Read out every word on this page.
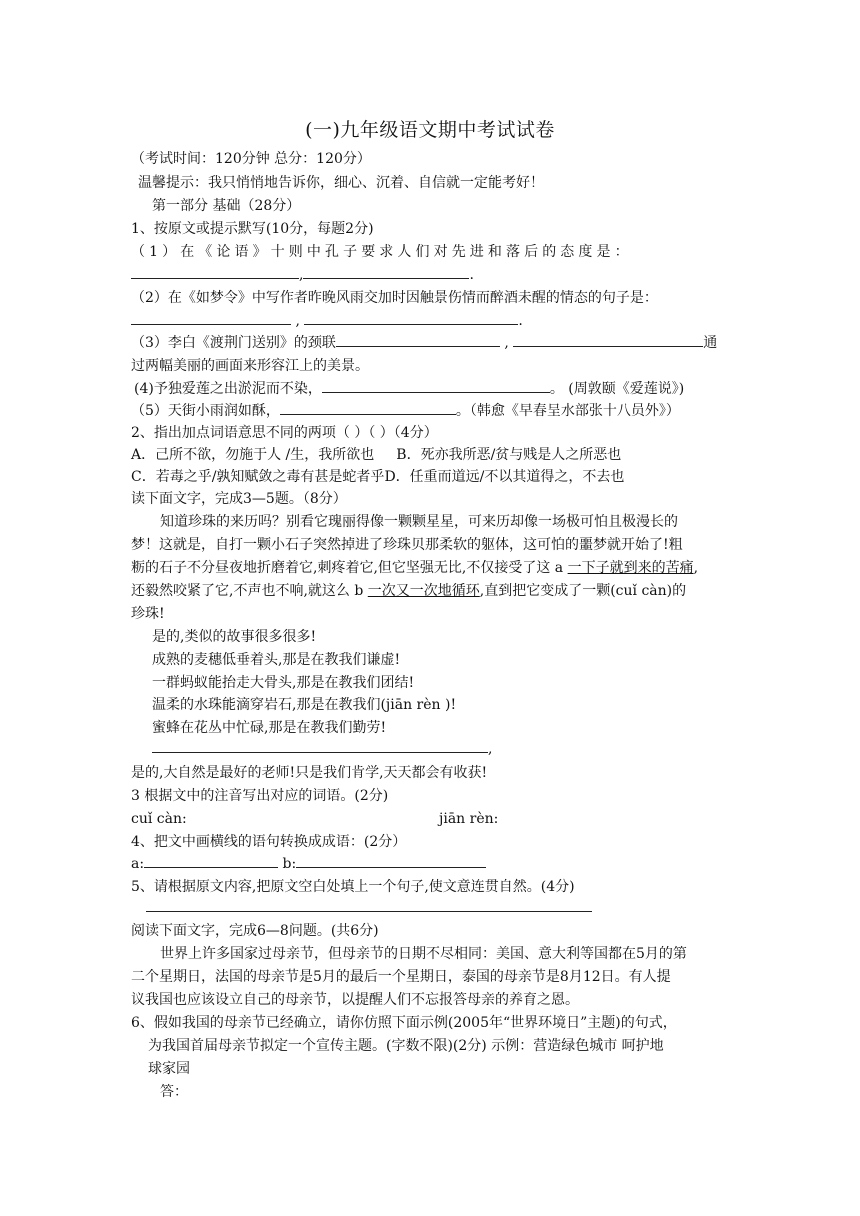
(一)九年级语文期中考试试卷
（考试时间：120分钟 总分：120分）
温馨提示：我只悄悄地告诉你，细心、沉着、自信就一定能考好！
第一部分 基础（28分）
1、按原文或提示默写(10分，每题2分)
（1）在《论语》十则中孔子要求人们对先进和落后的态度是：
,	.
（2）在《如梦令》中写作者昨晚风雨交加时因触景伤情而醉酒未醒的情态的句子是：
,	.
（3）李白《渡荆门送别》的颈联	,	通
过两幅美丽的画面来形容江上的美景。
(4)予独爱莲之出淤泥而不染，	。 (周敦颐《爱莲说》)
（5）天街小雨润如酥，	。（韩愈《早春呈水部张十八员外》）
2、指出加点词语意思不同的两项（ ）（ ）（4分）
A．己所不欲，勿施于人 /生，我所欲也 B．死亦我所恶/贫与贱是人之所恶也
C．若毒之乎/孰知赋敛之毒有甚是蛇者乎D．任重而道远/不以其道得之，不去也
读下面文字，完成3—5题。（8分）
知道珍珠的来历吗？别看它瑰丽得像一颗颗星星，可来历却像一场极可怕且极漫长的
梦！这就是，自打一颗小石子突然掉进了珍珠贝那柔软的躯体，这可怕的噩梦就开始了!粗
粝的石子不分昼夜地折磨着它,刺疼着它,但它坚强无比,不仅接受了这 a 一下子就到来的苦痛,
还毅然咬紧了它,不声也不响,就这么 b 一次又一次地循环,直到把它变成了一颗(cuǐ càn)的
珍珠!
是的,类似的故事很多很多!
成熟的麦穗低垂着头,那是在教我们谦虚!
一群蚂蚁能抬走大骨头,那是在教我们团结!
温柔的水珠能滴穿岩石,那是在教我们(jiān rèn )!
蜜蜂在花丛中忙碌,那是在教我们勤劳!
,
是的,大自然是最好的老师!只是我们肯学,天天都会有收获!
3 根据文中的注音写出对应的词语。(2分)
cuǐ càn:	jiān rèn:
4、把文中画横线的语句转换成成语：(2分）
a:	b:
5、请根据原文内容,把原文空白处填上一个句子,使文意连贯自然。(4分)
阅读下面文字，完成6—8问题。(共6分)
世界上许多国家过母亲节，但母亲节的日期不尽相同：美国、意大利等国都在5月的第
二个星期日，法国的母亲节是5月的最后一个星期日，泰国的母亲节是8月12日。有人提
议我国也应该设立自己的母亲节，以提醒人们不忘报答母亲的养育之恩。
6、假如我国的母亲节已经确立，请你仿照下面示例(2005年“世界环境日”主题)的句式，
为我国首届母亲节拟定一个宣传主题。(字数不限)(2分) 示例：营造绿色城市 呵护地
球家园
答：
